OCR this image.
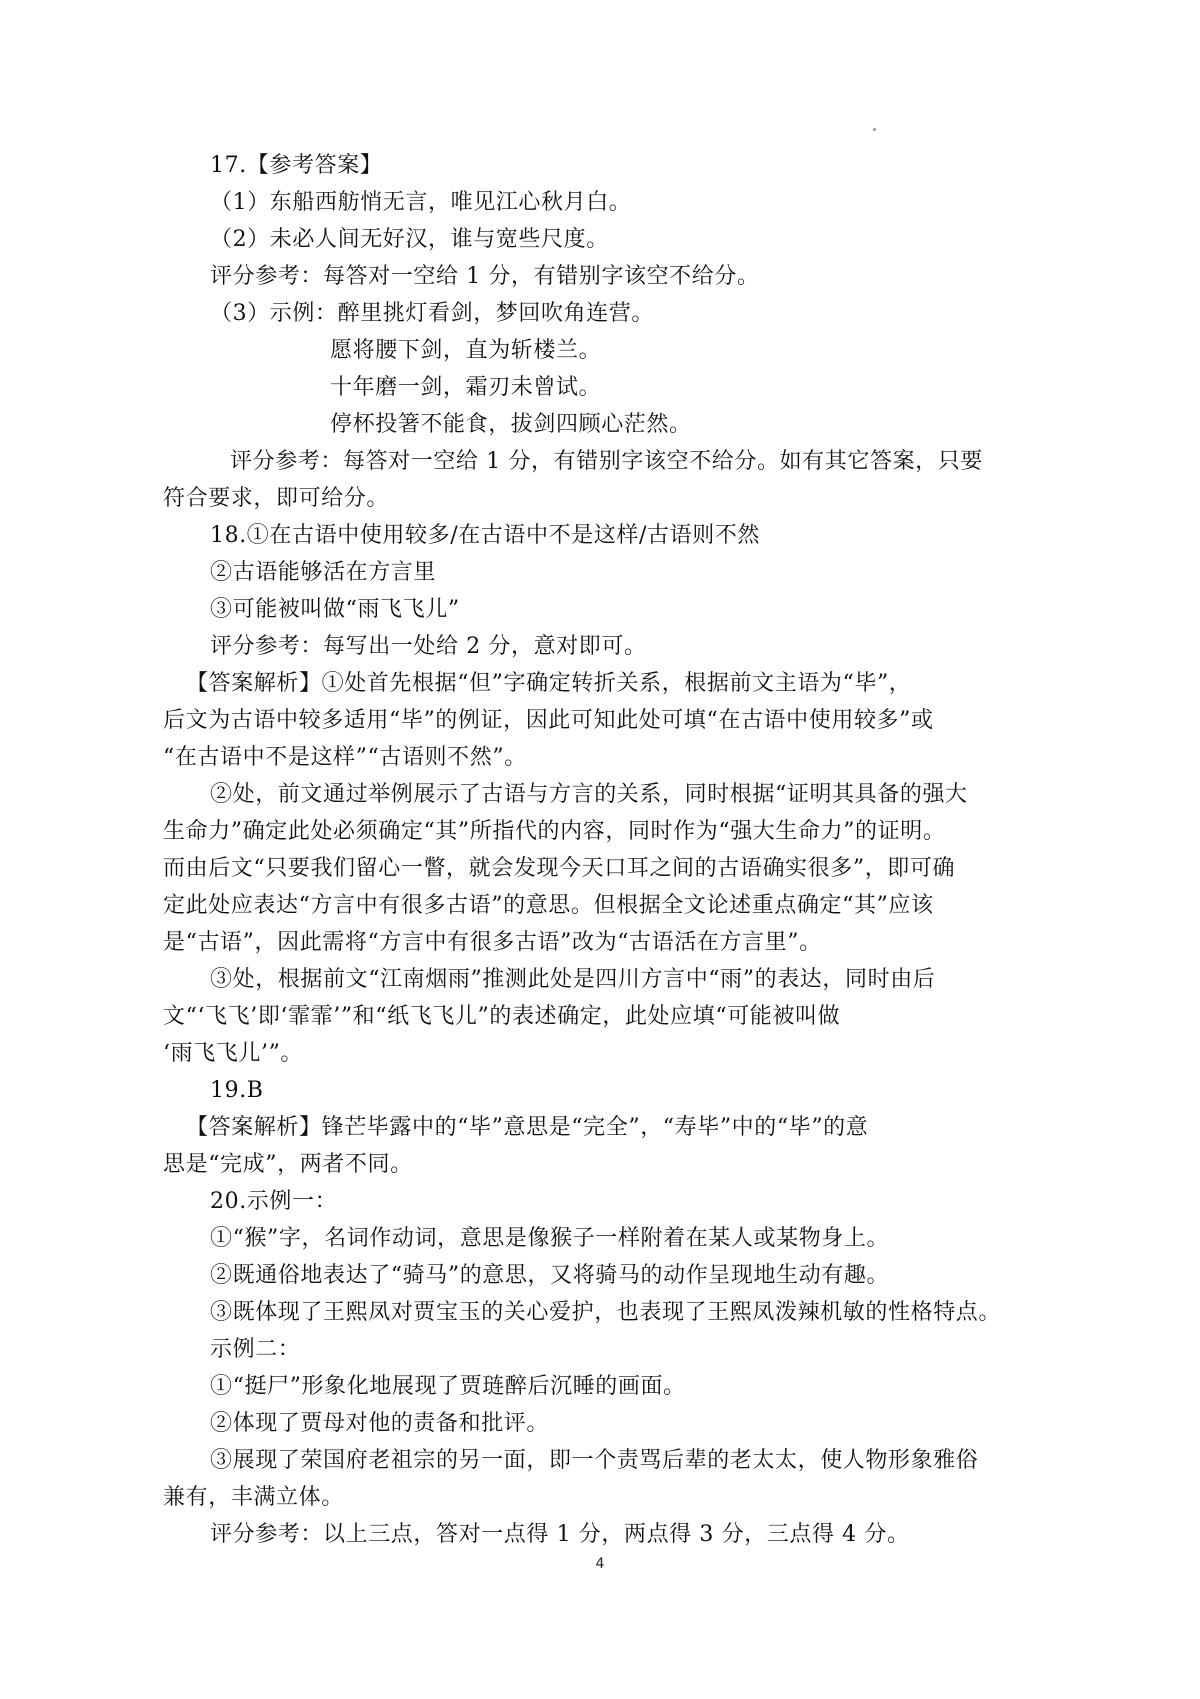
17.【参考答案】
（1）东船西舫悄无言，唯见江心秋月白。
（2）未必人间无好汉，谁与宽些尺度。
评分参考：每答对一空给 1 分，有错别字该空不给分。
（3）示例：醉里挑灯看剑，梦回吹角连营。
愿将腰下剑，直为斩楼兰。
十年磨一剑，霜刃未曾试。
停杯投箸不能食，拔剑四顾心茫然。
评分参考：每答对一空给 1 分，有错别字该空不给分。如有其它答案，只要
符合要求，即可给分。
18.①在古语中使用较多/在古语中不是这样/古语则不然
②古语能够活在方言里
③可能被叫做“雨飞飞儿”
评分参考：每写出一处给 2 分，意对即可。
【答案解析】①处首先根据“但”字确定转折关系，根据前文主语为“毕”，
后文为古语中较多适用“毕”的例证，因此可知此处可填“在古语中使用较多”或
“在古语中不是这样”“古语则不然”。
②处，前文通过举例展示了古语与方言的关系，同时根据“证明其具备的强大
生命力”确定此处必须确定“其”所指代的内容，同时作为“强大生命力”的证明。
而由后文“只要我们留心一瞥，就会发现今天口耳之间的古语确实很多”，即可确
定此处应表达“方言中有很多古语”的意思。但根据全文论述重点确定“其”应该
是“古语”，因此需将“方言中有很多古语”改为“古语活在方言里”。
③处，根据前文“江南烟雨”推测此处是四川方言中“雨”的表达，同时由后
文“‘飞飞’即‘霏霏’”和“纸飞飞儿”的表述确定，此处应填“可能被叫做
‘雨飞飞儿’”。
19.B
【答案解析】锋芒毕露中的“毕”意思是“完全”，“寿毕”中的“毕”的意
思是“完成”，两者不同。
20.示例一：
①“猴”字，名词作动词，意思是像猴子一样附着在某人或某物身上。
②既通俗地表达了“骑马”的意思，又将骑马的动作呈现地生动有趣。
③既体现了王熙凤对贾宝玉的关心爱护，也表现了王熙凤泼辣机敏的性格特点。
示例二：
①“挺尸”形象化地展现了贾琏醉后沉睡的画面。
②体现了贾母对他的责备和批评。
③展现了荣国府老祖宗的另一面，即一个责骂后辈的老太太，使人物形象雅俗
兼有，丰满立体。
评分参考：以上三点，答对一点得 1 分，两点得 3 分，三点得 4 分。
4
